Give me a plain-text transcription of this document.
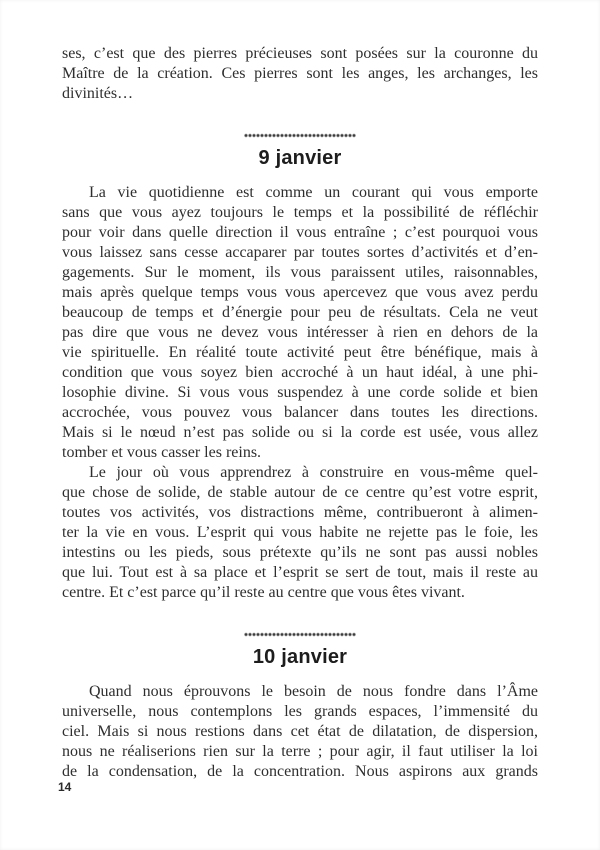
ses, c’est que des pierres précieuses sont posées sur la couronne du
Maître de la création. Ces pierres sont les anges, les archanges, les
divinités…
9 janvier
La vie quotidienne est comme un courant qui vous emporte
sans que vous ayez toujours le temps et la possibilité de réfléchir
pour voir dans quelle direction il vous entraîne ; c’est pourquoi vous
vous laissez sans cesse accaparer par toutes sortes d’activités et d’en-
gagements. Sur le moment, ils vous paraissent utiles, raisonnables,
mais après quelque temps vous vous apercevez que vous avez perdu
beaucoup de temps et d’énergie pour peu de résultats. Cela ne veut
pas dire que vous ne devez vous intéresser à rien en dehors de la
vie spirituelle. En réalité toute activité peut être bénéfique, mais à
condition que vous soyez bien accroché à un haut idéal, à une phi-
losophie divine. Si vous vous suspendez à une corde solide et bien
accrochée, vous pouvez vous balancer dans toutes les directions.
Mais si le nœud n’est pas solide ou si la corde est usée, vous allez
tomber et vous casser les reins.
Le jour où vous apprendrez à construire en vous-même quel-
que chose de solide, de stable autour de ce centre qu’est votre esprit,
toutes vos activités, vos distractions même, contribueront à alimen-
ter la vie en vous. L’esprit qui vous habite ne rejette pas le foie, les
intestins ou les pieds, sous prétexte qu’ils ne sont pas aussi nobles
que lui. Tout est à sa place et l’esprit se sert de tout, mais il reste au
centre. Et c’est parce qu’il reste au centre que vous êtes vivant.
10 janvier
Quand nous éprouvons le besoin de nous fondre dans l’Âme
universelle, nous contemplons les grands espaces, l’immensité du
ciel. Mais si nous restions dans cet état de dilatation, de dispersion,
nous ne réaliserions rien sur la terre ; pour agir, il faut utiliser la loi
de la condensation, de la concentration. Nous aspirons aux grands
14
